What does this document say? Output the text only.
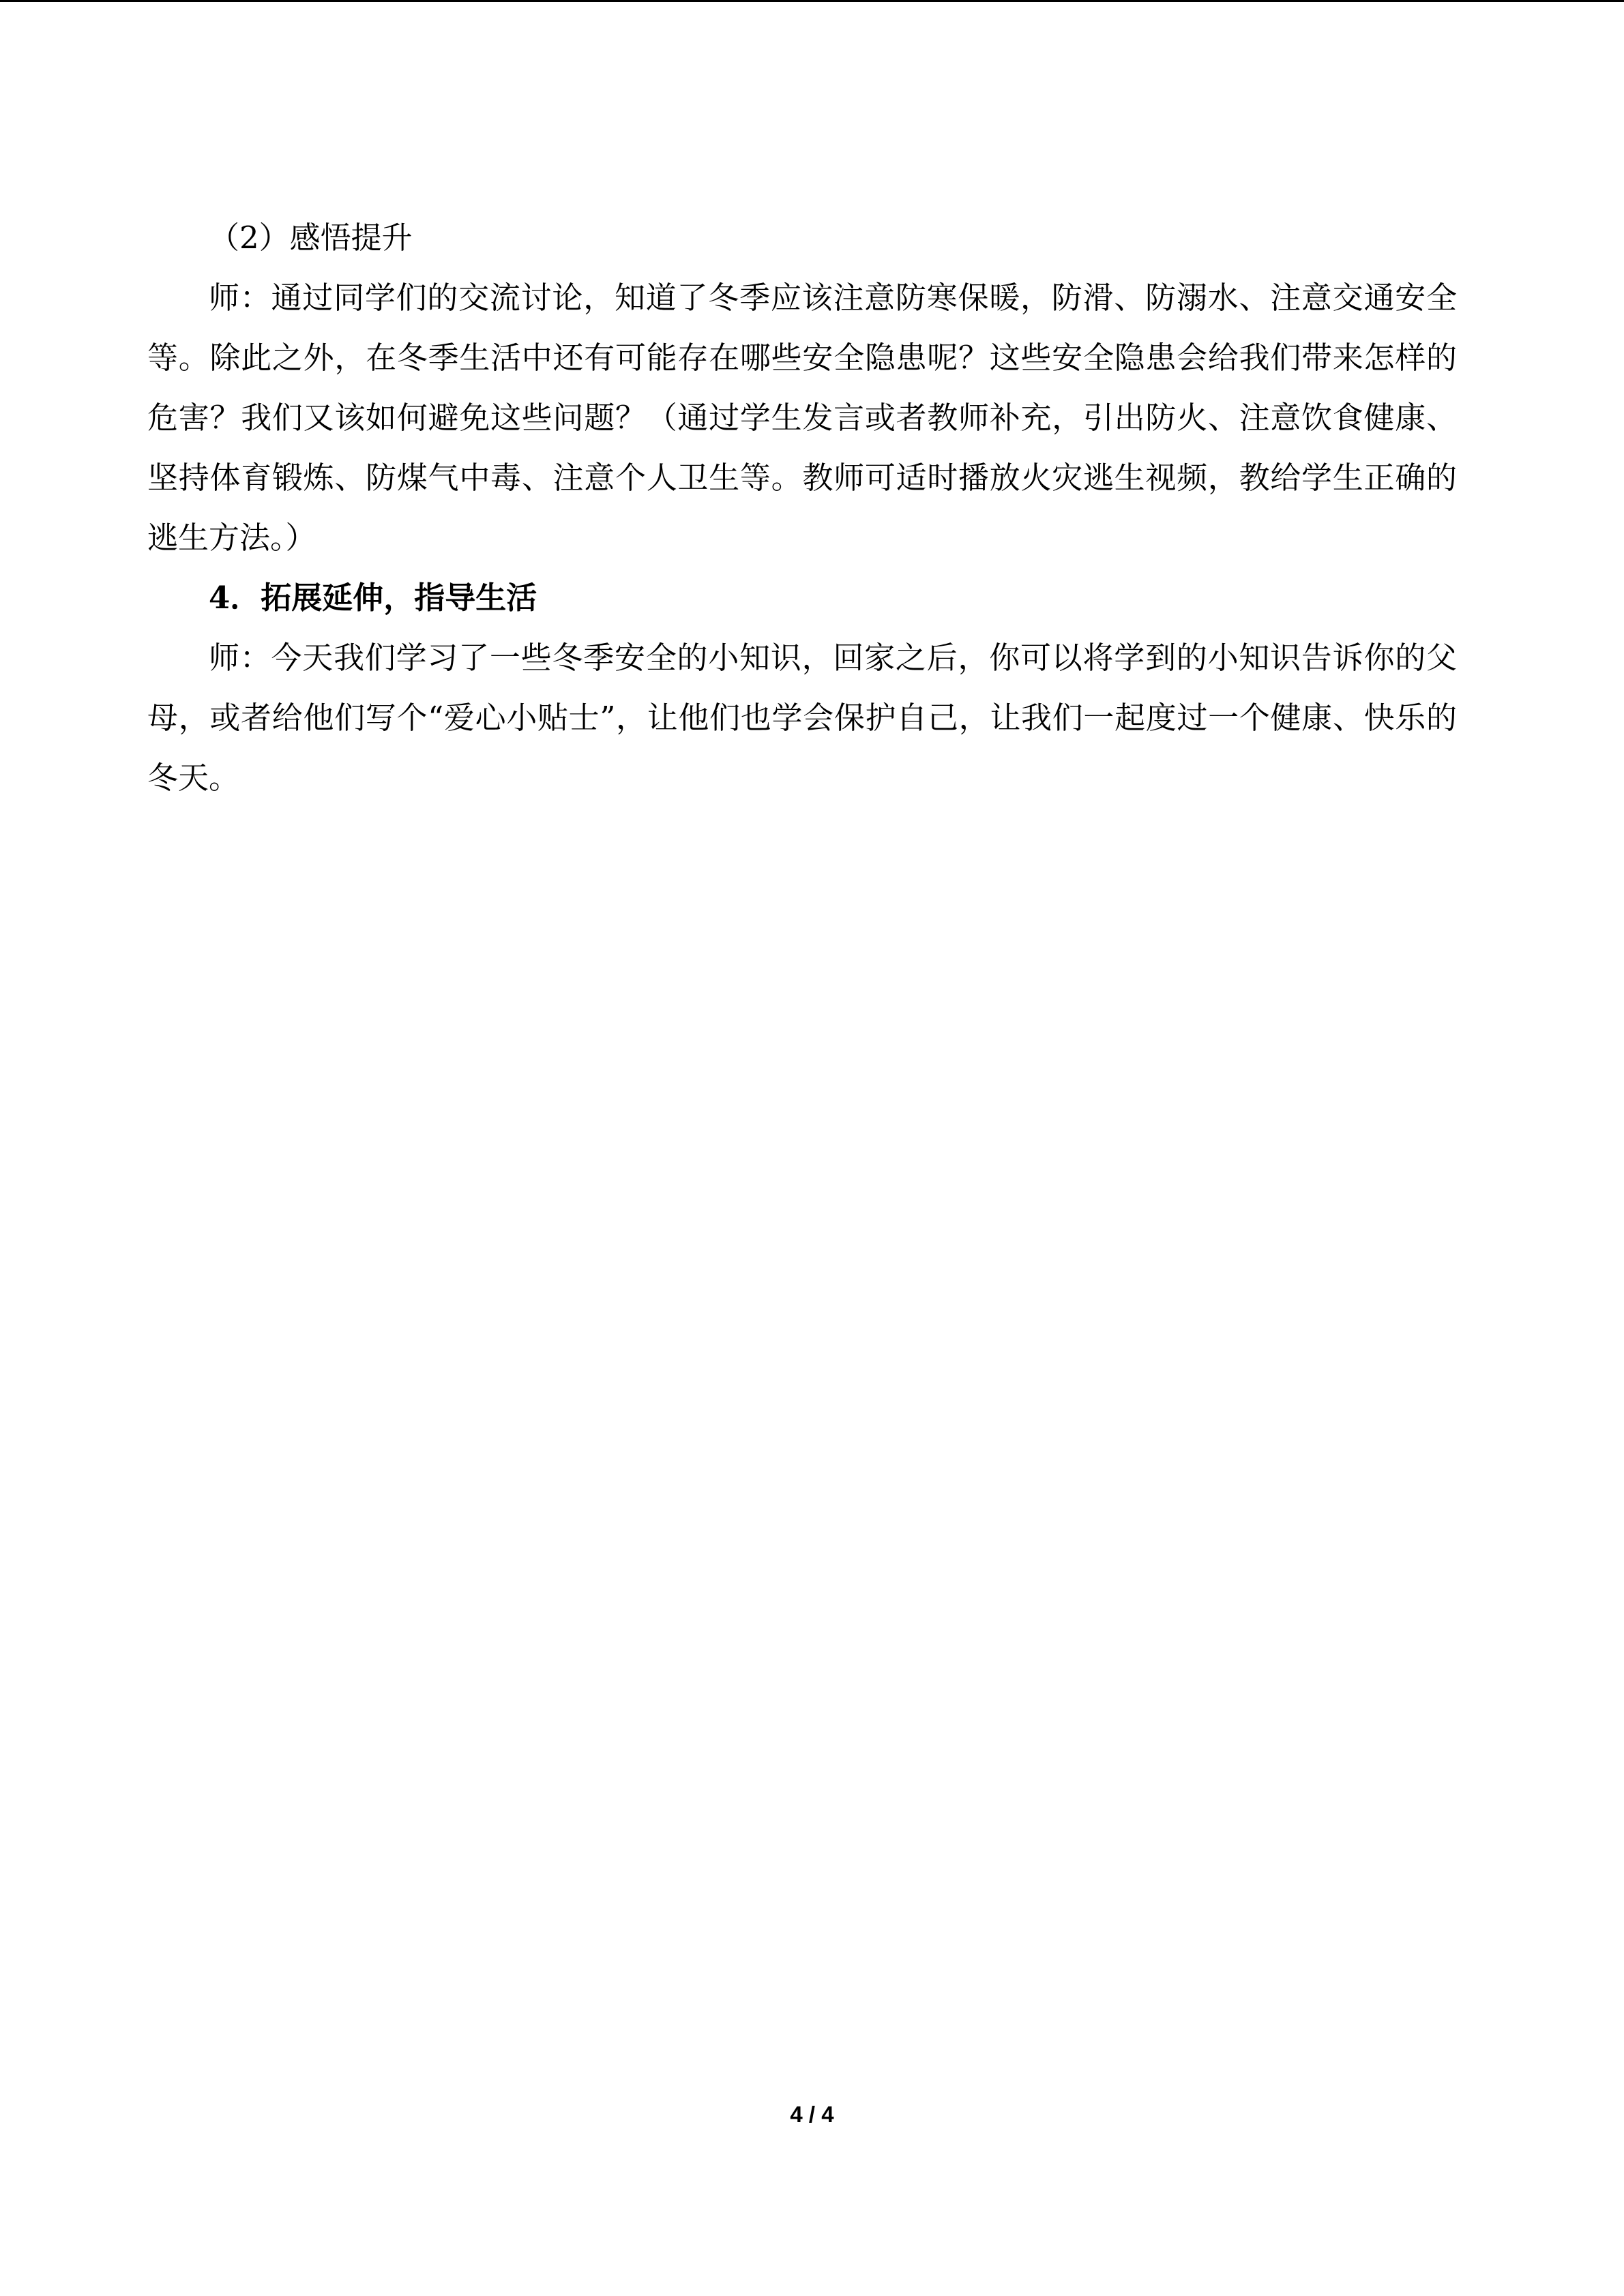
（2）感悟提升

师：通过同学们的交流讨论，知道了冬季应该注意防寒保暖，防滑、防溺水、注意交通安全等。除此之外，在冬季生活中还有可能存在哪些安全隐患呢？这些安全隐患会给我们带来怎样的危害？我们又该如何避免这些问题？（通过学生发言或者教师补充，引出防火、注意饮食健康、坚持体育锻炼、防煤气中毒、注意个人卫生等。教师可适时播放火灾逃生视频，教给学生正确的逃生方法。）

4．拓展延伸，指导生活

师：今天我们学习了一些冬季安全的小知识，回家之后，你可以将学到的小知识告诉你的父母，或者给他们写个“爱心小贴士”，让他们也学会保护自己，让我们一起度过一个健康、快乐的冬天。

4 / 4
